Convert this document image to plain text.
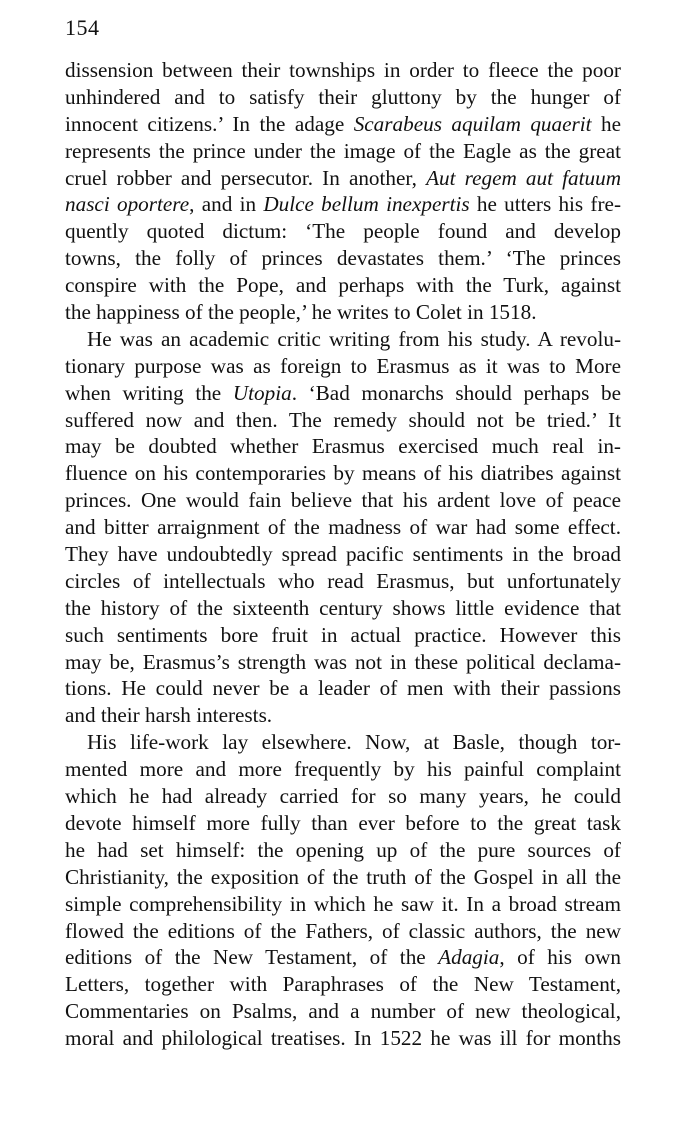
154
dissension between their townships in order to fleece the poor
unhindered and to satisfy their gluttony by the hunger of
innocent citizens.’ In the adage Scarabeus aquilam quaerit he
represents the prince under the image of the Eagle as the great
cruel robber and persecutor. In another, Aut regem aut fatuum
nasci oportere, and in Dulce bellum inexpertis he utters his fre-
quently quoted dictum: ‘The people found and develop
towns, the folly of princes devastates them.’ ‘The princes
conspire with the Pope, and perhaps with the Turk, against
the happiness of the people,’ he writes to Colet in 1518.
He was an academic critic writing from his study. A revolu-
tionary purpose was as foreign to Erasmus as it was to More
when writing the Utopia. ‘Bad monarchs should perhaps be
suffered now and then. The remedy should not be tried.’ It
may be doubted whether Erasmus exercised much real in-
fluence on his contemporaries by means of his diatribes against
princes. One would fain believe that his ardent love of peace
and bitter arraignment of the madness of war had some effect.
They have undoubtedly spread pacific sentiments in the broad
circles of intellectuals who read Erasmus, but unfortunately
the history of the sixteenth century shows little evidence that
such sentiments bore fruit in actual practice. However this
may be, Erasmus’s strength was not in these political declama-
tions. He could never be a leader of men with their passions
and their harsh interests.
His life-work lay elsewhere. Now, at Basle, though tor-
mented more and more frequently by his painful complaint
which he had already carried for so many years, he could
devote himself more fully than ever before to the great task
he had set himself: the opening up of the pure sources of
Christianity, the exposition of the truth of the Gospel in all the
simple comprehensibility in which he saw it. In a broad stream
flowed the editions of the Fathers, of classic authors, the new
editions of the New Testament, of the Adagia, of his own
Letters, together with Paraphrases of the New Testament,
Commentaries on Psalms, and a number of new theological,
moral and philological treatises. In 1522 he was ill for months
